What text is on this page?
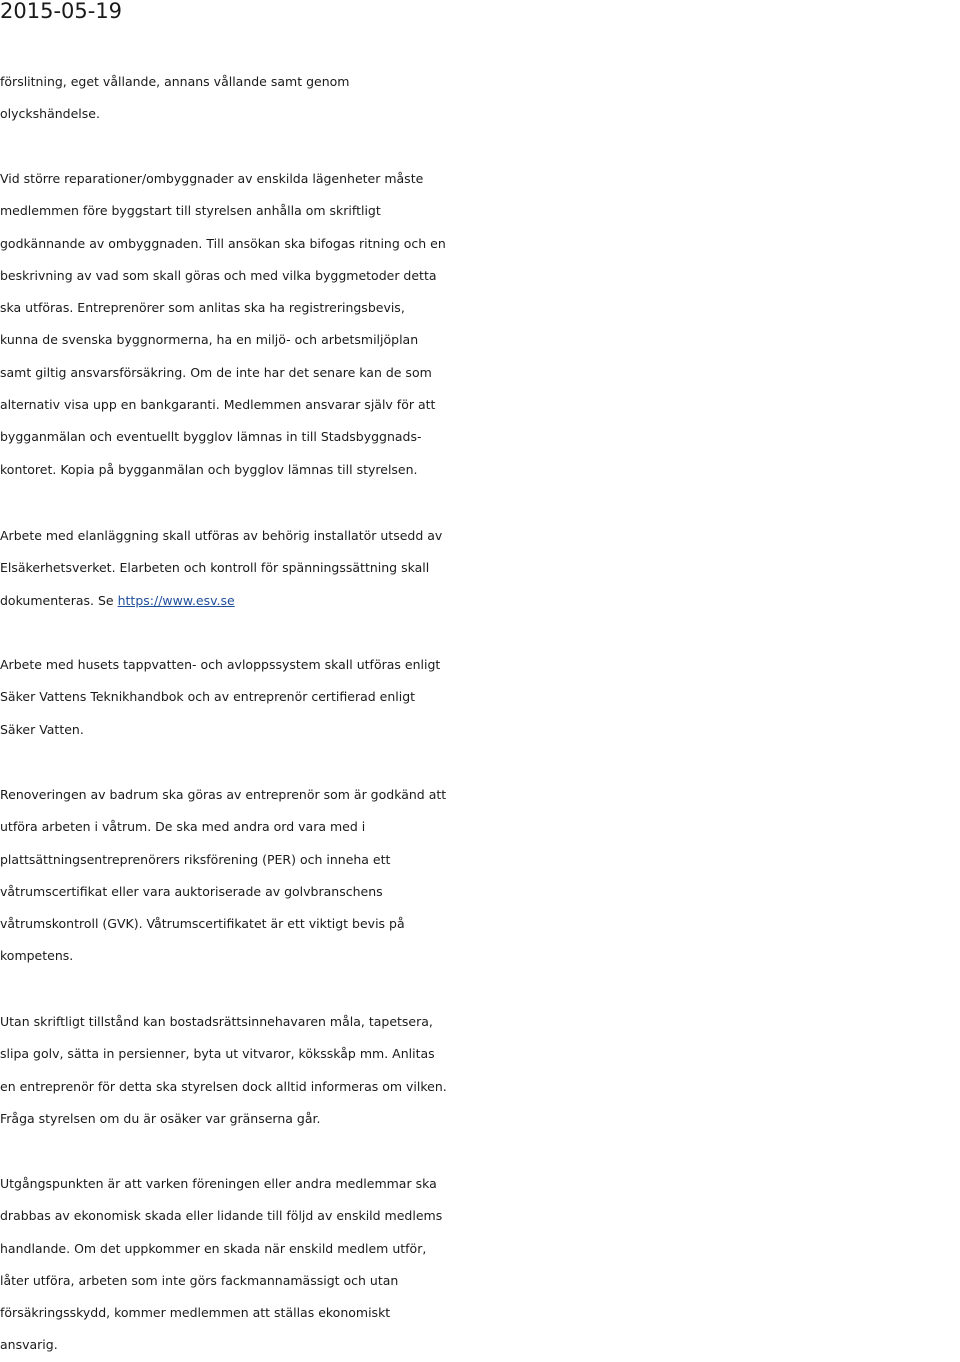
2015-05-19
förslitning, eget vållande, annans vållande samt genom
olyckshändelse.
Vid större reparationer/ombyggnader av enskilda lägenheter måste
medlemmen före byggstart till styrelsen anhålla om skriftligt
godkännande av ombyggnaden. Till ansökan ska bifogas ritning och en
beskrivning av vad som skall göras och med vilka byggmetoder detta
ska utföras. Entreprenörer som anlitas ska ha registreringsbevis,
kunna de svenska byggnormerna, ha en miljö- och arbetsmiljöplan
samt giltig ansvarsförsäkring. Om de inte har det senare kan de som
alternativ visa upp en bankgaranti. Medlemmen ansvarar själv för att
bygganmälan och eventuellt bygglov lämnas in till Stadsbyggnads-
kontoret. Kopia på bygganmälan och bygglov lämnas till styrelsen.
Arbete med elanläggning skall utföras av behörig installatör utsedd av
Elsäkerhetsverket. Elarbeten och kontroll för spänningssättning skall
dokumenteras. Se https://www.esv.se
Arbete med husets tappvatten- och avloppssystem skall utföras enligt
Säker Vattens Teknikhandbok och av entreprenör certifierad enligt
Säker Vatten.
Renoveringen av badrum ska göras av entreprenör som är godkänd att
utföra arbeten i våtrum. De ska med andra ord vara med i
plattsättningsentreprenörers riksförening (PER) och inneha ett
våtrumscertifikat eller vara auktoriserade av golvbranschens
våtrumskontroll (GVK). Våtrumscertifikatet är ett viktigt bevis på
kompetens.
Utan skriftligt tillstånd kan bostadsrättsinnehavaren måla, tapetsera,
slipa golv, sätta in persienner, byta ut vitvaror, köksskåp mm. Anlitas
en entreprenör för detta ska styrelsen dock alltid informeras om vilken.
Fråga styrelsen om du är osäker var gränserna går.
Utgångspunkten är att varken föreningen eller andra medlemmar ska
drabbas av ekonomisk skada eller lidande till följd av enskild medlems
handlande. Om det uppkommer en skada när enskild medlem utför,
låter utföra, arbeten som inte görs fackmannamässigt och utan
försäkringsskydd, kommer medlemmen att ställas ekonomiskt
ansvarig.
